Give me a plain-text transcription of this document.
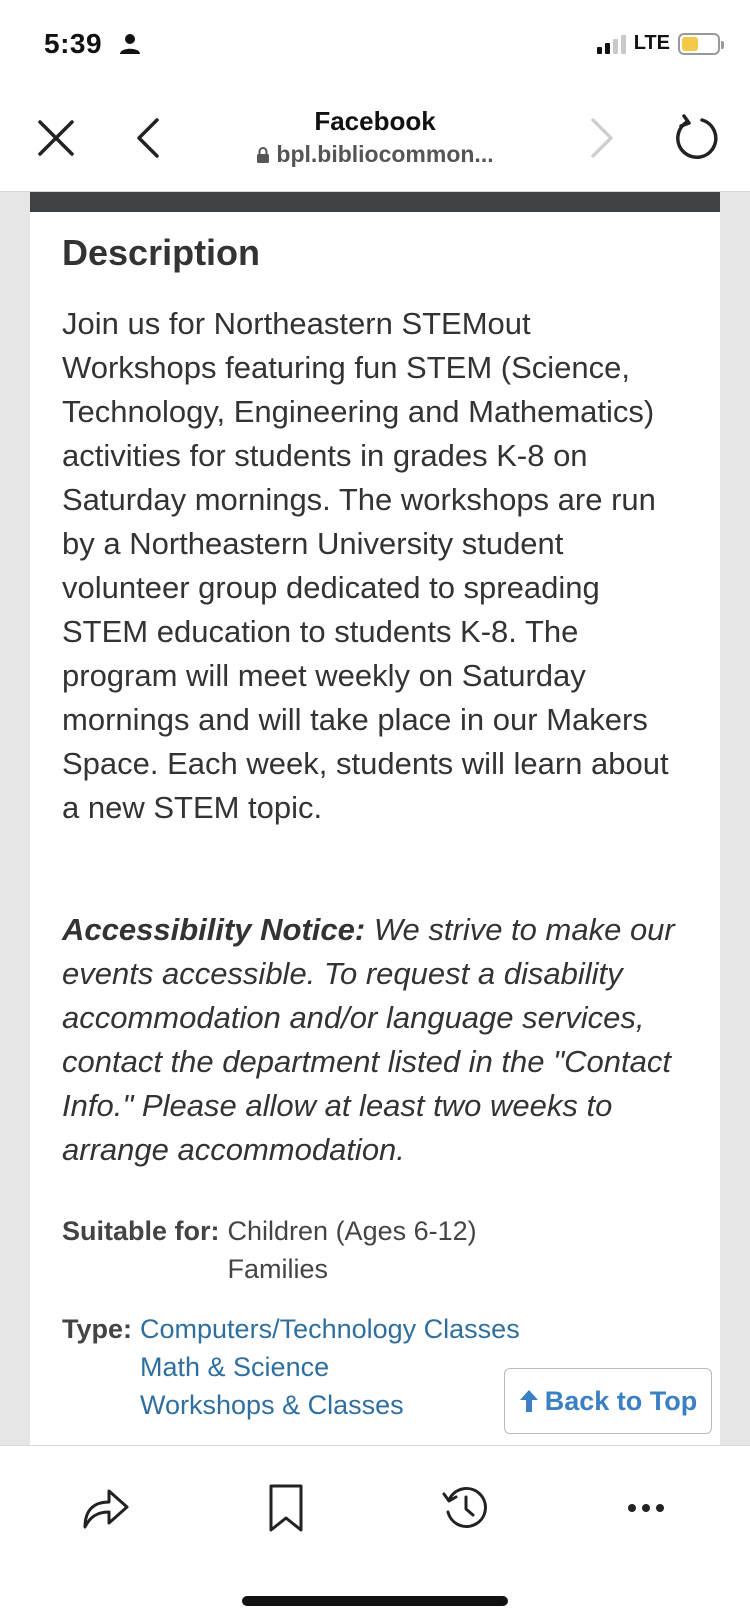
5:39	LTE
Facebook
bpl.bibliocommon...
Description

Join us for Northeastern STEMout Workshops featuring fun STEM (Science, Technology, Engineering and Mathematics) activities for students in grades K-8 on Saturday mornings. The workshops are run by a Northeastern University student volunteer group dedicated to spreading STEM education to students K-8. The program will meet weekly on Saturday mornings and will take place in our Makers Space. Each week, students will learn about a new STEM topic.

Accessibility Notice: We strive to make our events accessible. To request a disability accommodation and/or language services, contact the department listed in the "Contact Info." Please allow at least two weeks to arrange accommodation.

Suitable for: Children (Ages 6-12)
Families
Type: Computers/Technology Classes
Math & Science
Workshops & Classes	Back to Top
